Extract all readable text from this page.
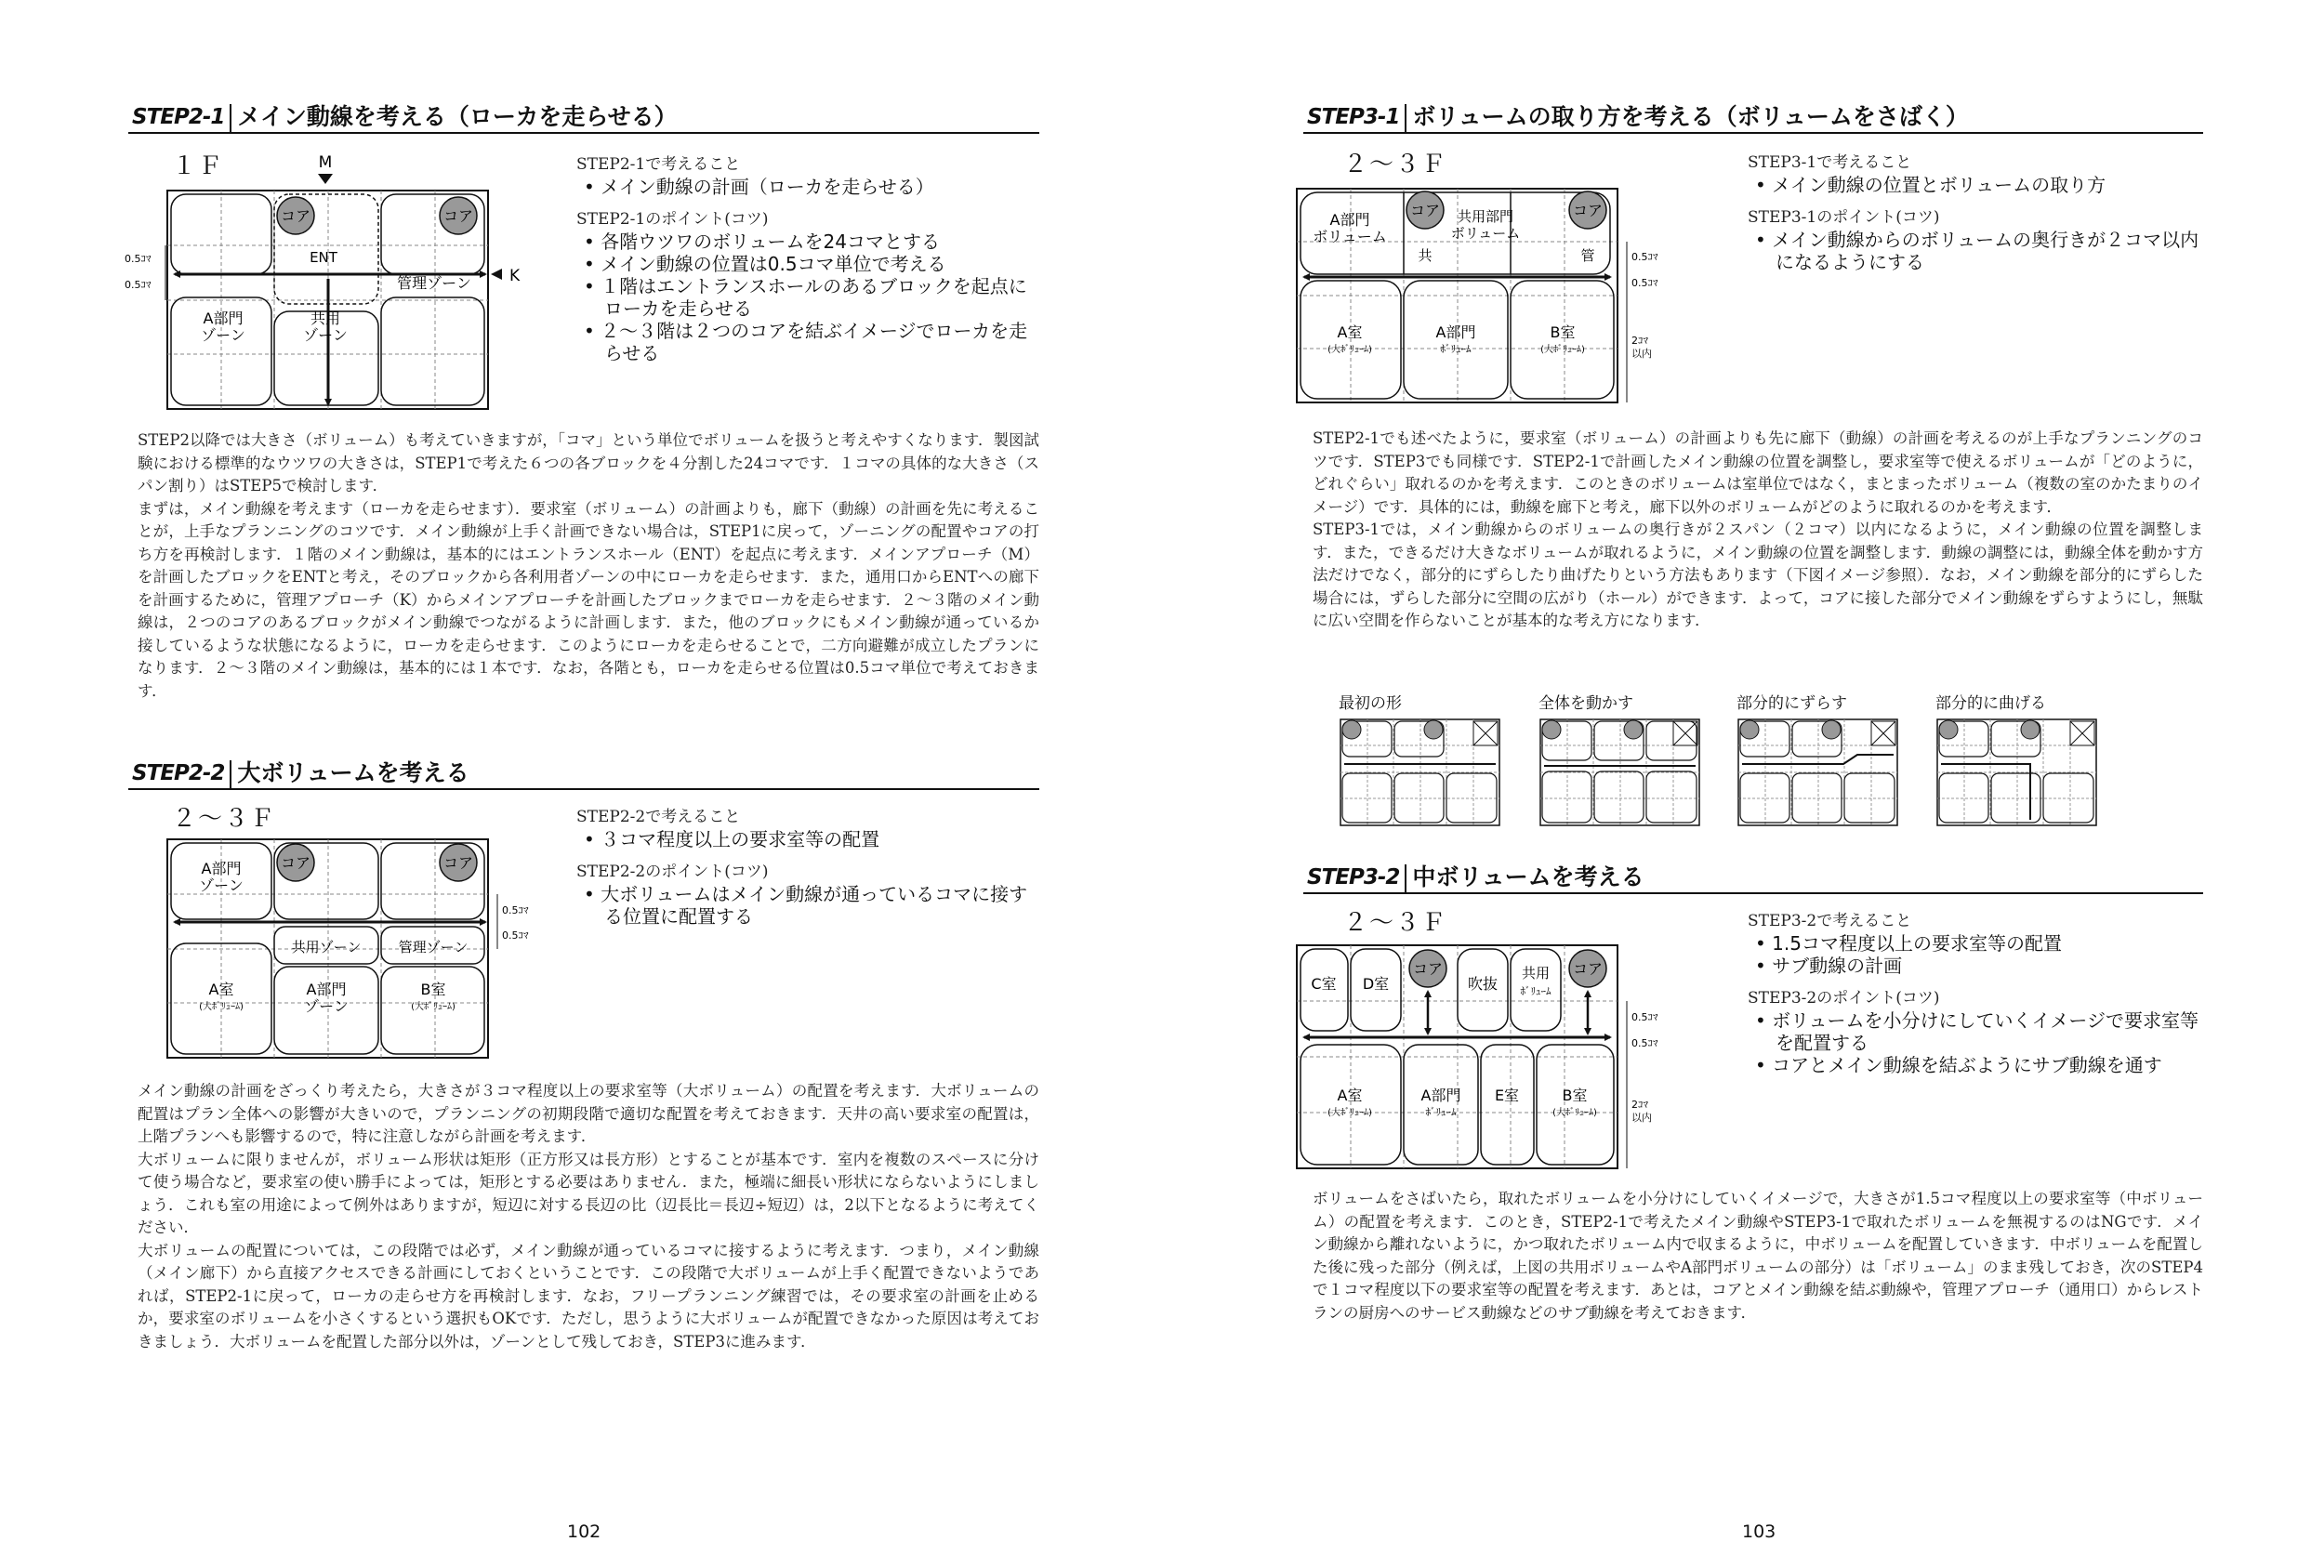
STEP2-1 メイン動線を考える（ローカを走らせる）
１Ｆ
コア	コア
M
ENT
K
管理ゾーン
A部門
ゾーン
共用
ゾーン
0.5ｺﾏ
0.5ｺﾏ
STEP2-1で考えること
• メイン動線の計画（ローカを走らせる）
STEP2-1のポイント(コツ)
• 各階ウツワのボリュームを24コマとする
• メイン動線の位置は0.5コマ単位で考える
• １階はエントランスホールのあるブロックを起点にローカを走らせる
• ２～３階は２つのコアを結ぶイメージでローカを走らせる

STEP2以降では大きさ（ボリューム）も考えていきますが，「コマ」という単位でボリュームを扱うと考えやすくなります．製図試験における標準的なウツワの大きさは，STEP1で考えた６つの各ブロックを４分割した24コマです．１コマの具体的な大きさ（スパン割り）はSTEP5で検討します．

まずは，メイン動線を考えます（ローカを走らせます）．要求室（ボリューム）の計画よりも，廊下（動線）の計画を先に考えることが，上手なプランニングのコツです．メイン動線が上手く計画できない場合は，STEP1に戻って，ゾーニングの配置やコアの打ち方を再検討します．１階のメイン動線は，基本的にはエントランスホール（ENT）を起点に考えます．メインアプローチ（M）を計画したブロックをENTと考え，そのブロックから各利用者ゾーンの中にローカを走らせます．また，通用口からENTへの廊下を計画するために，管理アプローチ（K）からメインアプローチを計画したブロックまでローカを走らせます．２～３階のメイン動線は，２つのコアのあるブロックがメイン動線でつながるように計画します．また，他のブロックにもメイン動線が通っているか接しているような状態になるように，ローカを走らせます．このようにローカを走らせることで，二方向避難が成立したプランになります．２～３階のメイン動線は，基本的には１本です．なお，各階とも，ローカを走らせる位置は0.5コマ単位で考えておきます．

STEP2-2 大ボリュームを考える
２～３Ｆ
コア	コア
A部門
ゾーン
共用ゾーン	管理ゾーン
A室
(大ﾎﾞﾘｭｰﾑ)
A部門
ゾーン
B室
(大ﾎﾞﾘｭｰﾑ)
0.5ｺﾏ
0.5ｺﾏ
STEP2-2で考えること
• ３コマ程度以上の要求室等の配置
STEP2-2のポイント(コツ)
• 大ボリュームはメイン動線が通っているコマに接する位置に配置する

メイン動線の計画をざっくり考えたら，大きさが３コマ程度以上の要求室等（大ボリューム）の配置を考えます．大ボリュームの配置はプラン全体への影響が大きいので，プランニングの初期段階で適切な配置を考えておきます．天井の高い要求室の配置は，上階プランへも影響するので，特に注意しながら計画を考えます．

大ボリュームに限りませんが，ボリューム形状は矩形（正方形又は長方形）とすることが基本です．室内を複数のスペースに分けて使う場合など，要求室の使い勝手によっては，矩形とする必要はありません．また，極端に細長い形状にならないようにしましょう．これも室の用途によって例外はありますが，短辺に対する長辺の比（辺長比＝長辺÷短辺）は，2以下となるように考えてください．

大ボリュームの配置については，この段階では必ず，メイン動線が通っているコマに接するように考えます．つまり，メイン動線（メイン廊下）から直接アクセスできる計画にしておくということです．この段階で大ボリュームが上手く配置できないようであれば，STEP2-1に戻って，ローカの走らせ方を再検討します．なお，フリープランニング練習では，その要求室の計画を止めるか，要求室のボリュームを小さくするという選択もOKです．ただし，思うように大ボリュームが配置できなかった原因は考えておきましょう．大ボリュームを配置した部分以外は，ゾーンとして残しておき，STEP3に進みます．

102
STEP3-1 ボリュームの取り方を考える（ボリュームをさばく）
２～３Ｆ
コア	コア
A部門
ボリューム
共用部門
ボリューム
共	管
A室
(大ﾎﾞﾘｭｰﾑ)
A部門
ﾎﾞﾘｭｰﾑ
B室
(大ﾎﾞﾘｭｰﾑ)
0.5ｺﾏ
0.5ｺﾏ
2ｺﾏ
以内
STEP3-1で考えること
• メイン動線の位置とボリュームの取り方
STEP3-1のポイント(コツ)
• メイン動線からのボリュームの奥行きが２コマ以内になるようにする

STEP2-1でも述べたように，要求室（ボリューム）の計画よりも先に廊下（動線）の計画を考えるのが上手なプランニングのコツです．STEP3でも同様です．STEP2-1で計画したメイン動線の位置を調整し，要求室等で使えるボリュームが「どのように，どれぐらい」取れるのかを考えます．このときのボリュームは室単位ではなく，まとまったボリューム（複数の室のかたまりのイメージ）です．具体的には，動線を廊下と考え，廊下以外のボリュームがどのように取れるのかを考えます．

STEP3-1では，メイン動線からのボリュームの奥行きが２スパン（２コマ）以内になるように，メイン動線の位置を調整します．また，できるだけ大きなボリュームが取れるように，メイン動線の位置を調整します．動線の調整には，動線全体を動かす方法だけでなく，部分的にずらしたり曲げたりという方法もあります（下図イメージ参照）．なお，メイン動線を部分的にずらした場合には，ずらした部分に空間の広がり（ホール）ができます．よって，コアに接した部分でメイン動線をずらすようにし，無駄に広い空間を作らないことが基本的な考え方になります．

最初の形	全体を動かす	部分的にずらす	部分的に曲げる
STEP3-2 中ボリュームを考える
２～３Ｆ
コア	コア
C室 D室	吹抜
共用
ﾎﾞﾘｭｰﾑ
A室
(大ﾎﾞﾘｭｰﾑ)
A部門
ﾎﾞﾘｭｰﾑ
E室	B室
(大ﾎﾞﾘｭｰﾑ)
0.5ｺﾏ
0.5ｺﾏ
2ｺﾏ
以内
STEP3-2で考えること
• 1.5コマ程度以上の要求室等の配置
• サブ動線の計画
STEP3-2のポイント(コツ)
• ボリュームを小分けにしていくイメージで要求室等を配置する
• コアとメイン動線を結ぶようにサブ動線を通す

ボリュームをさばいたら，取れたボリュームを小分けにしていくイメージで，大きさが1.5コマ程度以上の要求室等（中ボリューム）の配置を考えます．このとき，STEP2-1で考えたメイン動線やSTEP3-1で取れたボリュームを無視するのはNGです．メイン動線から離れないように，かつ取れたボリューム内で収まるように，中ボリュームを配置していきます．中ボリュームを配置した後に残った部分（例えば，上図の共用ボリュームやA部門ボリュームの部分）は「ボリューム」のまま残しておき，次のSTEP4で１コマ程度以下の要求室等の配置を考えます．あとは，コアとメイン動線を結ぶ動線や，管理アプローチ（通用口）からレストランの厨房へのサービス動線などのサブ動線を考えておきます．

103
